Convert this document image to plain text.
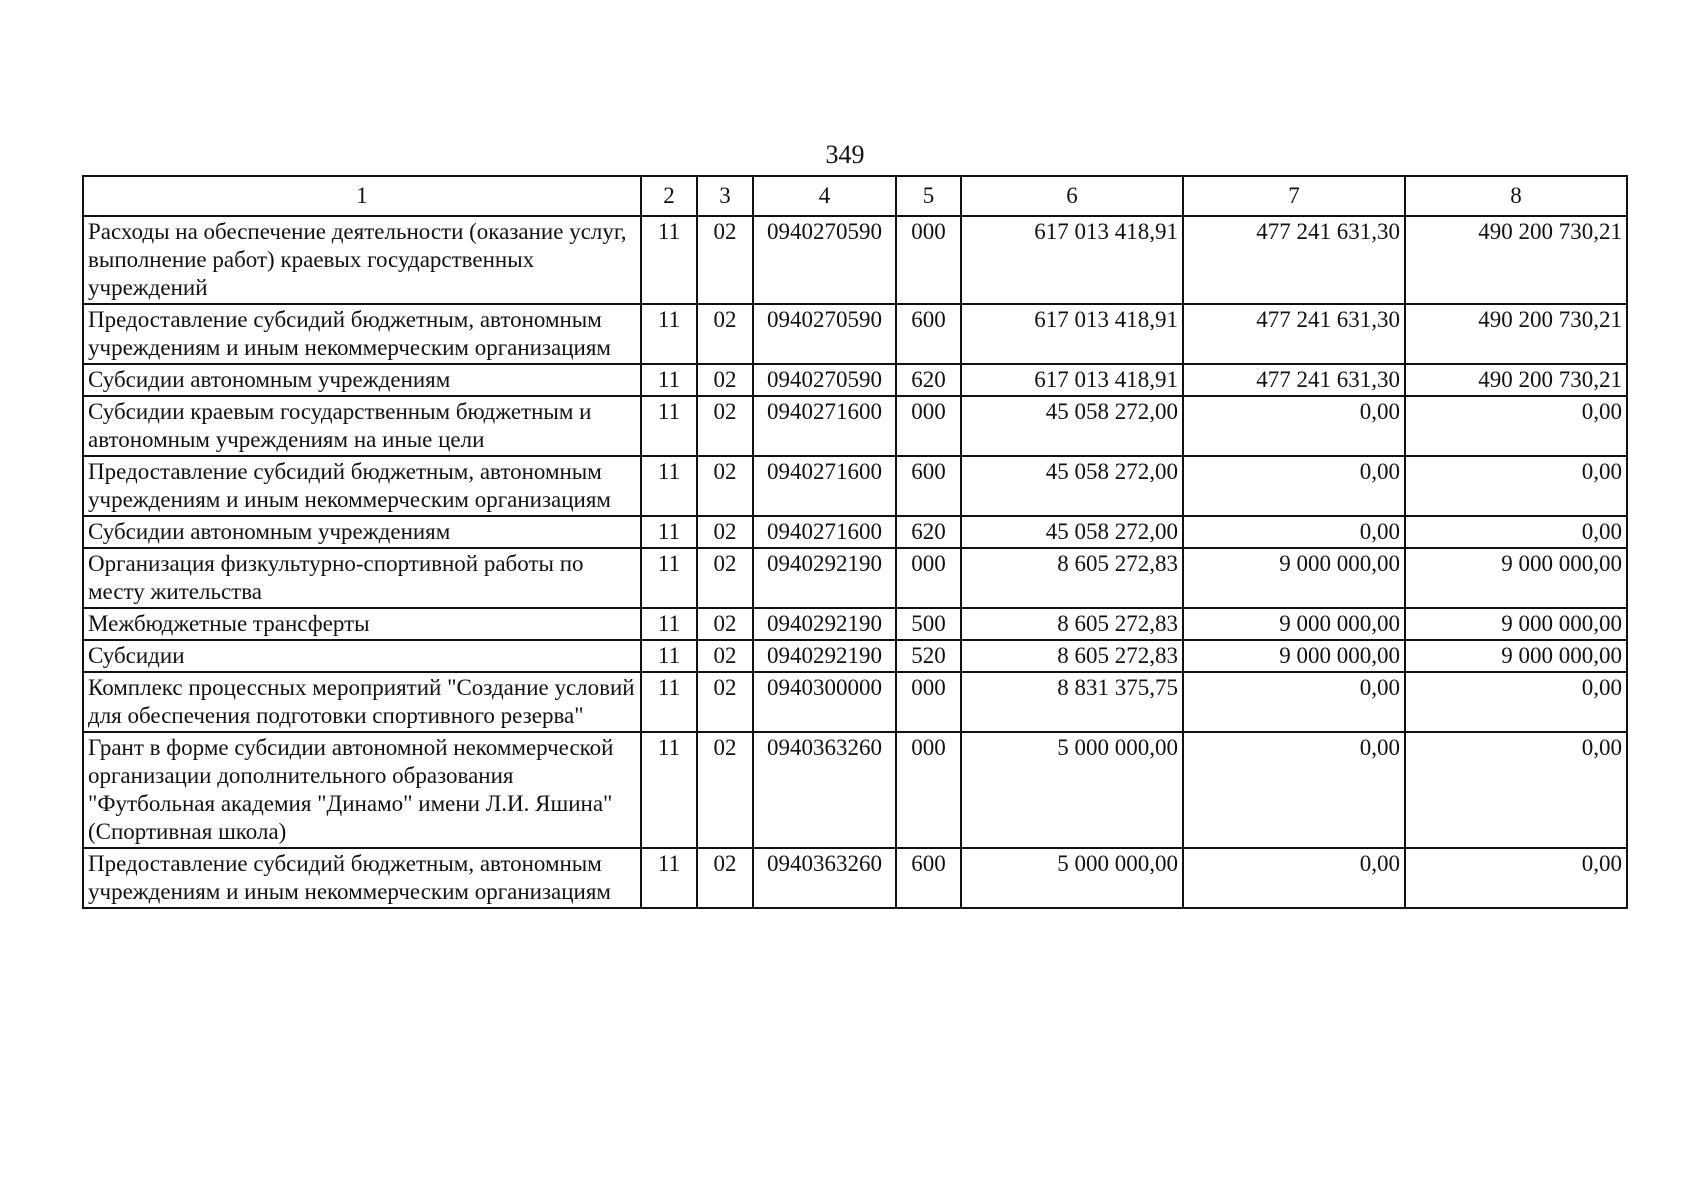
349
1	2	3	4	5	6	7	8
Расходы на обеспечение деятельности (оказание услуг, выполнение работ) краевых государственных учреждений	11	02	0940270590	000	617 013 418,91	477 241 631,30	490 200 730,21
Предоставление субсидий бюджетным, автономным учреждениям и иным некоммерческим организациям	11	02	0940270590	600	617 013 418,91	477 241 631,30	490 200 730,21
Субсидии автономным учреждениям	11	02	0940270590	620	617 013 418,91	477 241 631,30	490 200 730,21
Субсидии краевым государственным бюджетным и автономным учреждениям на иные цели	11	02	0940271600	000	45 058 272,00	0,00	0,00
Предоставление субсидий бюджетным, автономным учреждениям и иным некоммерческим организациям	11	02	0940271600	600	45 058 272,00	0,00	0,00
Субсидии автономным учреждениям	11	02	0940271600	620	45 058 272,00	0,00	0,00
Организация физкультурно-спортивной работы по месту жительства	11	02	0940292190	000	8 605 272,83	9 000 000,00	9 000 000,00
Межбюджетные трансферты	11	02	0940292190	500	8 605 272,83	9 000 000,00	9 000 000,00
Субсидии	11	02	0940292190	520	8 605 272,83	9 000 000,00	9 000 000,00
Комплекс процессных мероприятий "Создание условий для обеспечения подготовки спортивного резерва"	11	02	0940300000	000	8 831 375,75	0,00	0,00
Грант в форме субсидии автономной некоммерческой организации дополнительного образования "Футбольная академия "Динамо" имени Л.И. Яшина" (Спортивная школа)	11	02	0940363260	000	5 000 000,00	0,00	0,00
Предоставление субсидий бюджетным, автономным учреждениям и иным некоммерческим организациям	11	02	0940363260	600	5 000 000,00	0,00	0,00
